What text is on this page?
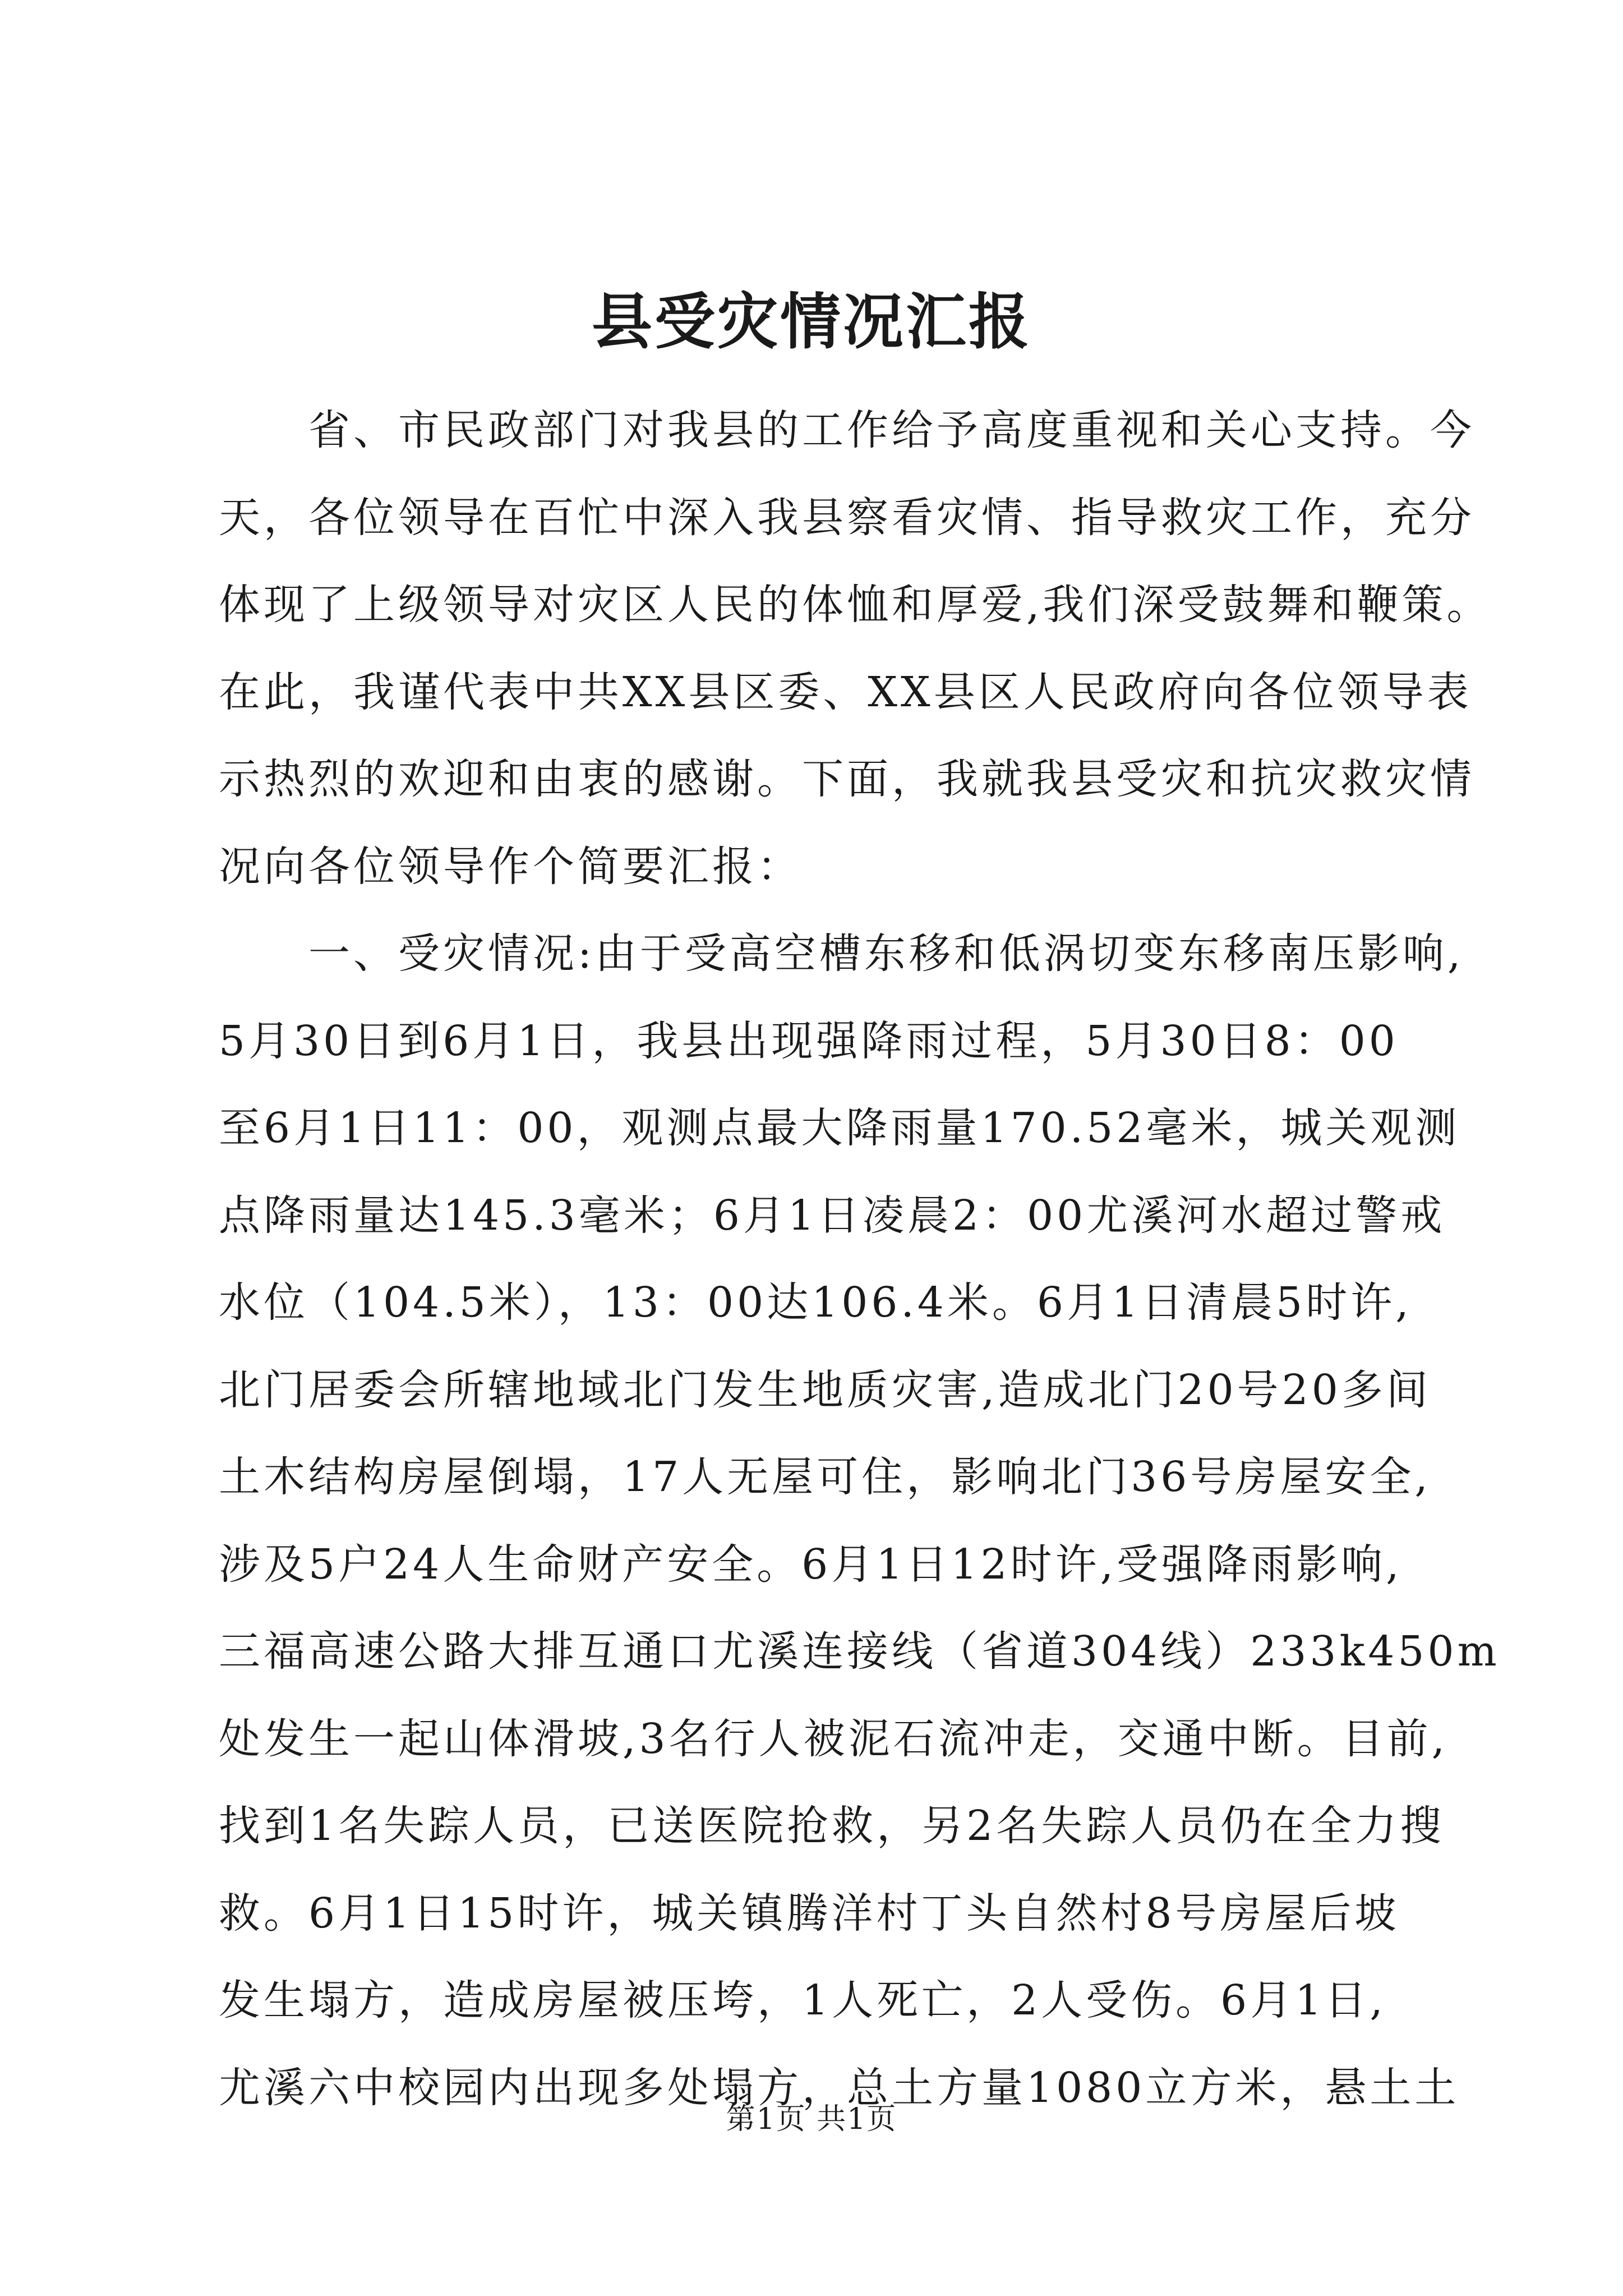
县受灾情况汇报
　　省、市民政部门对我县的工作给予高度重视和关心支持。今
天，各位领导在百忙中深入我县察看灾情、指导救灾工作，充分
体现了上级领导对灾区人民的体恤和厚爱,我们深受鼓舞和鞭策。
在此，我谨代表中共XX县区委、XX县区人民政府向各位领导表
示热烈的欢迎和由衷的感谢。下面，我就我县受灾和抗灾救灾情
况向各位领导作个简要汇报：
　　一、受灾情况:由于受高空槽东移和低涡切变东移南压影响,
5月30日到6月1日，我县出现强降雨过程，5月30日8：00
至6月1日11：00，观测点最大降雨量170.52毫米，城关观测
点降雨量达145.3毫米；6月1日凌晨2：00尤溪河水超过警戒
水位（104.5米），13：00达106.4米。6月1日清晨5时许,
北门居委会所辖地域北门发生地质灾害,造成北门20号20多间
土木结构房屋倒塌，17人无屋可住，影响北门36号房屋安全,
涉及5户24人生命财产安全。6月1日12时许,受强降雨影响,
三福高速公路大排互通口尤溪连接线（省道304线）233k450m
处发生一起山体滑坡,3名行人被泥石流冲走，交通中断。目前,
找到1名失踪人员，已送医院抢救，另2名失踪人员仍在全力搜
救。6月1日15时许，城关镇腾洋村丁头自然村8号房屋后坡
发生塌方，造成房屋被压垮，1人死亡，2人受伤。6月1日,
尤溪六中校园内出现多处塌方，总土方量1080立方米，悬土土
第1页 共1页
